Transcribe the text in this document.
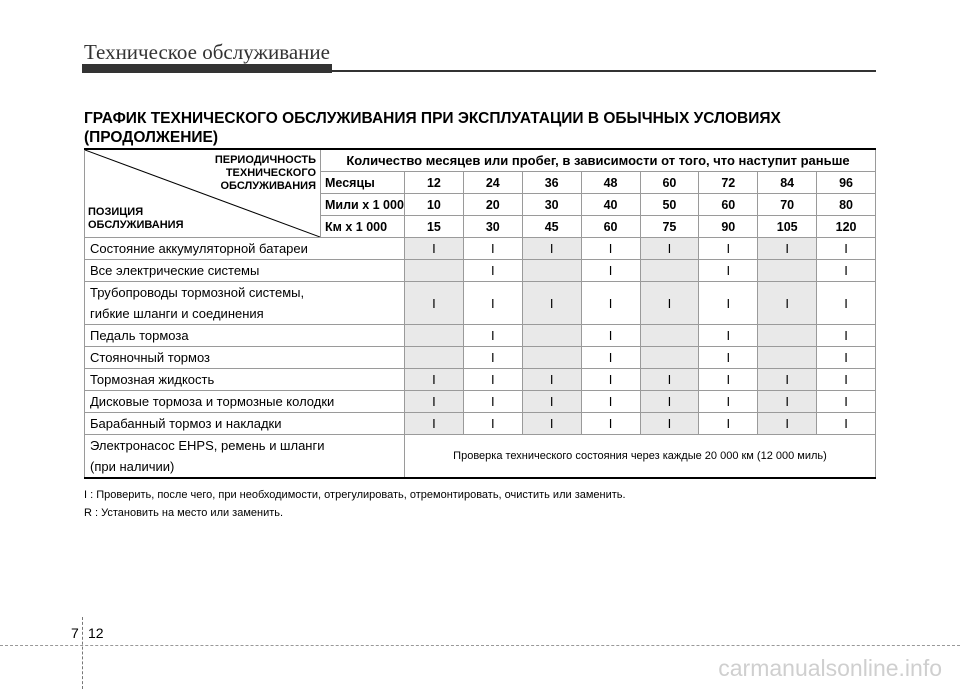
Техническое обслуживание
ГРАФИК ТЕХНИЧЕСКОГО ОБСЛУЖИВАНИЯ ПРИ ЭКСПЛУАТАЦИИ В ОБЫЧНЫХ УСЛОВИЯХ (ПРОДОЛЖЕНИЕ)
ПЕРИОДИЧНОСТЬ
ТЕХНИЧЕСКОГО
ОБСЛУЖИВАНИЯ
ПОЗИЦИЯ
ОБСЛУЖИВАНИЯ	Количество месяцев или пробег, в зависимости от того, что наступит раньше								
	Месяцы	12	24	36	48	60	72	84	96
	Мили x 1 000	10	20	30	40	50	60	70	80
	Км x 1 000	15	30	45	60	75	90	105	120
Состояние аккумуляторной батареи		I	I	I	I	I	I	I	I
Все электрические системы			I		I		I		I
Трубопроводы тормозной системы,
гибкие шланги и соединения		I	I	I	I	I	I	I	I
Педаль тормоза			I		I		I		I
Стояночный тормоз			I		I		I		I
Тормозная жидкость		I	I	I	I	I	I	I	I
Дисковые тормоза и тормозные колодки		I	I	I	I	I	I	I	I
Барабанный тормоз и накладки		I	I	I	I	I	I	I	I
Электронасос EHPS, ремень и шланги
(при наличии)		Проверка технического состояния через каждые 20 000 км (12 000 миль)							
I : Проверить, после чего, при необходимости, отрегулировать, отремонтировать, очистить или заменить.
R : Установить на место или заменить.
7 12
carmanualsonline.info
